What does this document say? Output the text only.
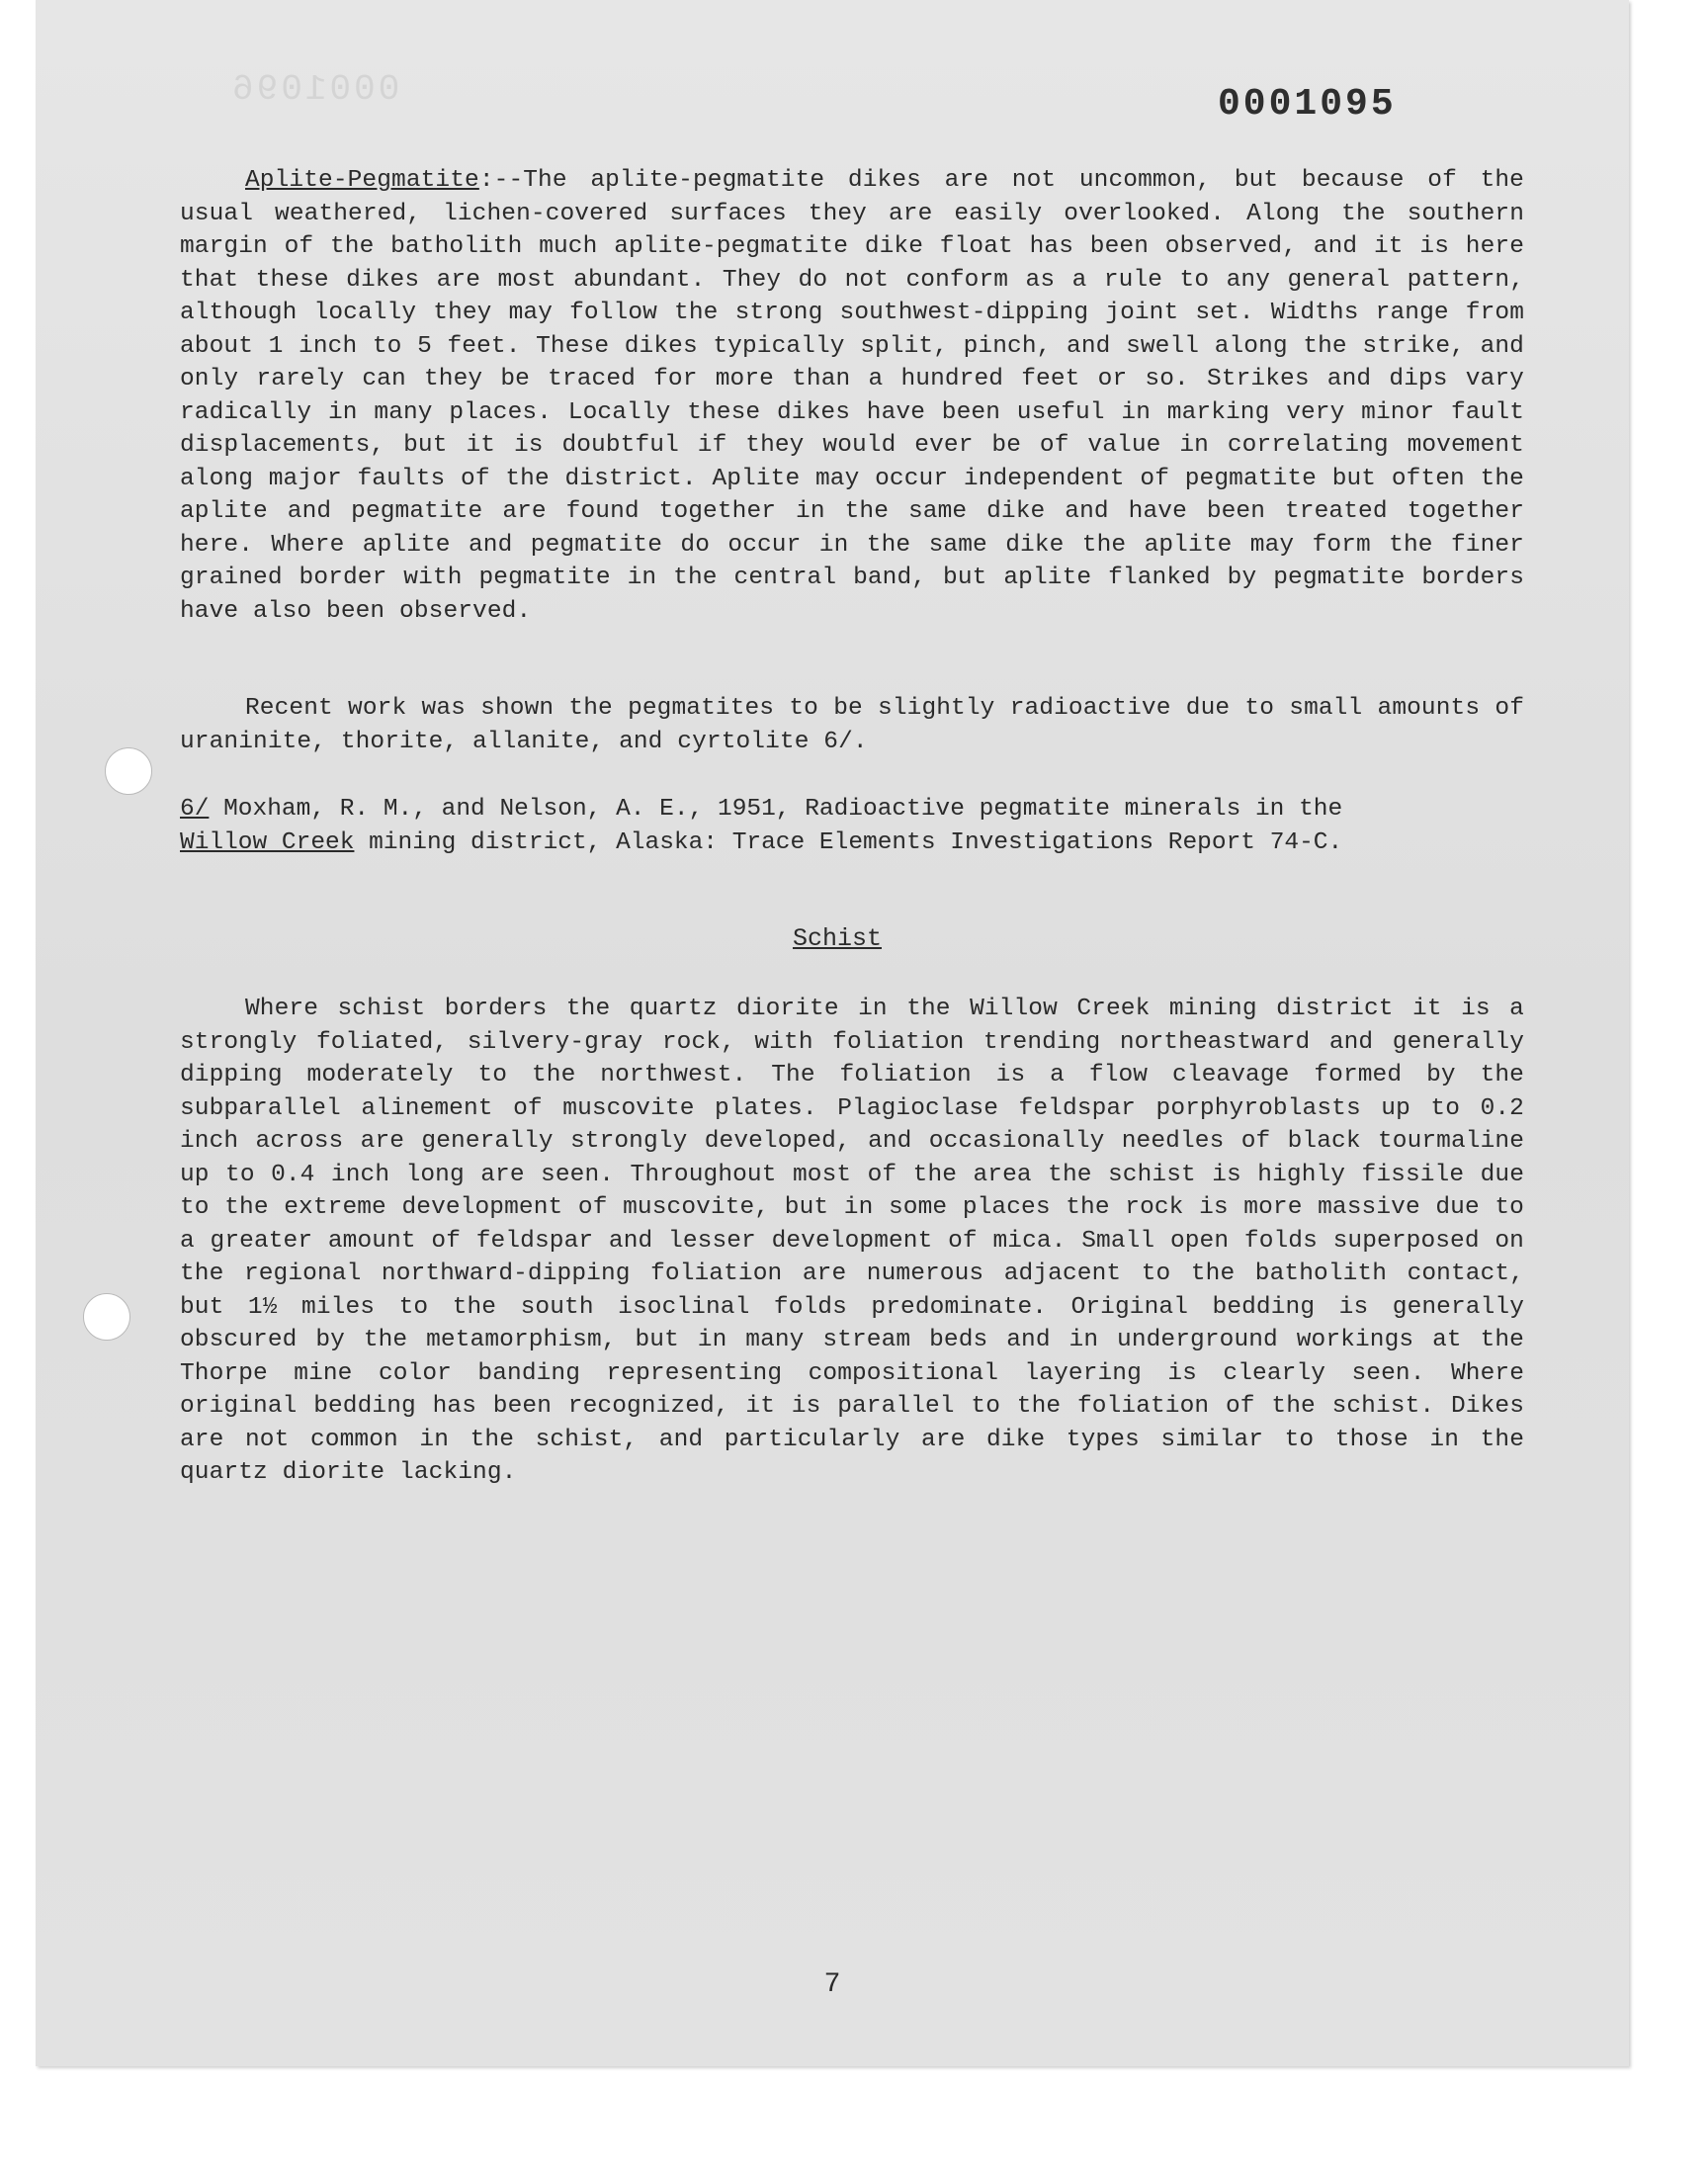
0001096	0001095

Aplite-Pegmatite:--The aplite-pegmatite dikes are not uncommon, but because of the usual weathered, lichen-covered surfaces they are easily overlooked. Along the southern margin of the batholith much aplite-pegmatite dike float has been observed, and it is here that these dikes are most abundant. They do not conform as a rule to any general pattern, although locally they may follow the strong southwest-dipping joint set. Widths range from about 1 inch to 5 feet. These dikes typically split, pinch, and swell along the strike, and only rarely can they be traced for more than a hundred feet or so. Strikes and dips vary radically in many places. Locally these dikes have been useful in marking very minor fault displacements, but it is doubtful if they would ever be of value in correlating movement along major faults of the district. Aplite may occur independent of pegmatite but often the aplite and pegmatite are found together in the same dike and have been treated together here. Where aplite and pegmatite do occur in the same dike the aplite may form the finer grained border with pegmatite in the central band, but aplite flanked by pegmatite borders have also been observed.

Recent work was shown the pegmatites to be slightly radioactive due to small amounts of uraninite, thorite, allanite, and cyrtolite 6/.

6/ Moxham, R. M., and Nelson, A. E., 1951, Radioactive pegmatite minerals in the
Willow Creek mining district, Alaska: Trace Elements Investigations Report 74-C.

Schist

Where schist borders the quartz diorite in the Willow Creek mining district it is a strongly foliated, silvery-gray rock, with foliation trending northeastward and generally dipping moderately to the northwest. The foliation is a flow cleavage formed by the subparallel alinement of muscovite plates. Plagioclase feldspar porphyroblasts up to 0.2 inch across are generally strongly developed, and occasionally needles of black tourmaline up to 0.4 inch long are seen. Throughout most of the area the schist is highly fissile due to the extreme development of muscovite, but in some places the rock is more massive due to a greater amount of feldspar and lesser development of mica. Small open folds superposed on the regional northward-dipping foliation are numerous adjacent to the batholith contact, but 1½ miles to the south isoclinal folds predominate. Original bedding is generally obscured by the metamorphism, but in many stream beds and in underground workings at the Thorpe mine color banding representing compositional layering is clearly seen. Where original bedding has been recognized, it is parallel to the foliation of the schist. Dikes are not common in the schist, and particularly are dike types similar to those in the quartz diorite lacking.

7
